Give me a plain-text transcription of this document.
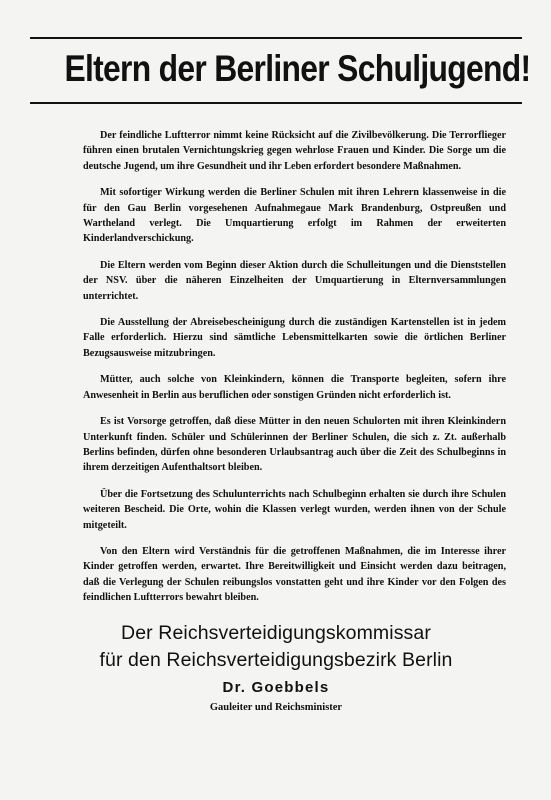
Eltern der Berliner Schuljugend!

Der feindliche Luftterror nimmt keine Rücksicht auf die Zivilbevölkerung. Die Terrorflieger führen einen brutalen Vernichtungskrieg gegen wehrlose Frauen und Kinder. Die Sorge um die deutsche Jugend, um ihre Gesundheit und ihr Leben erfordert besondere Maßnahmen.

Mit sofortiger Wirkung werden die Berliner Schulen mit ihren Lehrern klassenweise in die für den Gau Berlin vorgesehenen Aufnahmegaue Mark Brandenburg, Ostpreußen und Wartheland verlegt. Die Umquartierung erfolgt im Rahmen der erweiterten Kinderlandverschickung.

Die Eltern werden vom Beginn dieser Aktion durch die Schulleitungen und die Dienststellen der NSV. über die näheren Einzelheiten der Umquartierung in Elternversammlungen unterrichtet.

Die Ausstellung der Abreisebescheinigung durch die zuständigen Kartenstellen ist in jedem Falle erforderlich. Hierzu sind sämtliche Lebensmittelkarten sowie die örtlichen Berliner Bezugsausweise mitzubringen.

Mütter, auch solche von Kleinkindern, können die Transporte begleiten, sofern ihre Anwesenheit in Berlin aus beruflichen oder sonstigen Gründen nicht erforderlich ist.

Es ist Vorsorge getroffen, daß diese Mütter in den neuen Schulorten mit ihren Kleinkindern Unterkunft finden. Schüler und Schülerinnen der Berliner Schulen, die sich z. Zt. außerhalb Berlins befinden, dürfen ohne besonderen Urlaubsantrag auch über die Zeit des Schulbeginns in ihrem derzeitigen Aufenthaltsort bleiben.

Über die Fortsetzung des Schulunterrichts nach Schulbeginn erhalten sie durch ihre Schulen weiteren Bescheid. Die Orte, wohin die Klassen verlegt wurden, werden ihnen von der Schule mitgeteilt.

Von den Eltern wird Verständnis für die getroffenen Maßnahmen, die im Interesse ihrer Kinder getroffen werden, erwartet. Ihre Bereitwilligkeit und Einsicht werden dazu beitragen, daß die Verlegung der Schulen reibungslos vonstatten geht und ihre Kinder vor den Folgen des feindlichen Luftterrors bewahrt bleiben.

Der Reichsverteidigungskommissar
für den Reichsverteidigungsbezirk Berlin
Dr. Goebbels
Gauleiter und Reichsminister
